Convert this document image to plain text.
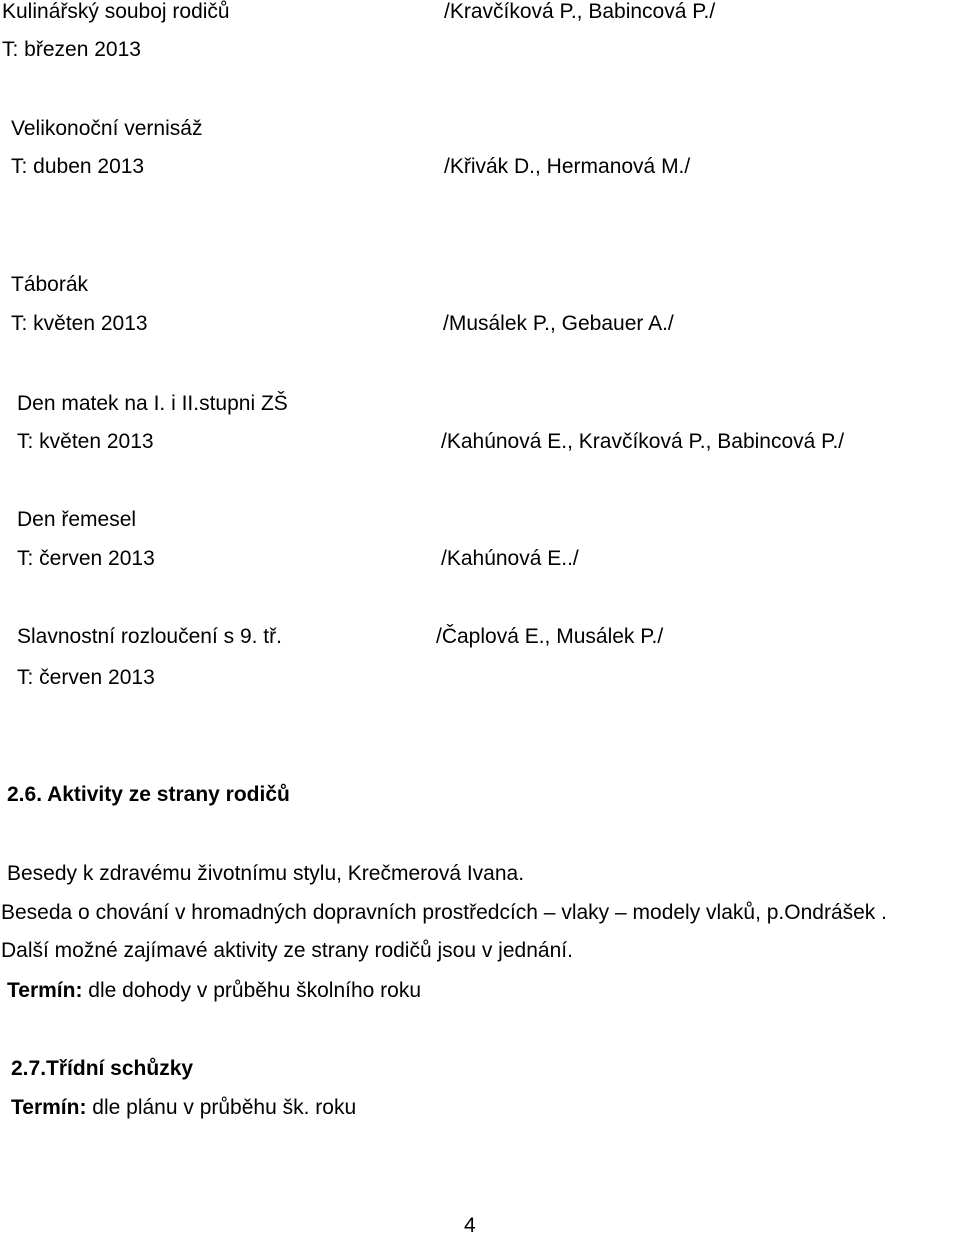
Kulinářský souboj rodičů	/Kravčíková P., Babincová P./
T: březen 2013
Velikonoční vernisáž
T: duben 2013	/Křivák D., Hermanová M./
Táborák
T: květen 2013	/Musálek P., Gebauer A./
Den matek na I. i II.stupni ZŠ
T: květen 2013	/Kahúnová E., Kravčíková P., Babincová P./
Den řemesel
T: červen 2013	/Kahúnová E../
Slavnostní rozloučení s 9. tř.	/Čaplová E., Musálek P./
T: červen 2013
2.6. Aktivity ze strany rodičů
Besedy k zdravému životnímu stylu, Krečmerová Ivana.
Beseda o chování v hromadných dopravních prostředcích – vlaky – modely vlaků, p.Ondrášek .
Další možné zajímavé aktivity ze strany rodičů jsou v jednání.
Termín: dle dohody v průběhu školního roku
2.7.Třídní schůzky
Termín: dle plánu v průběhu šk. roku
4
